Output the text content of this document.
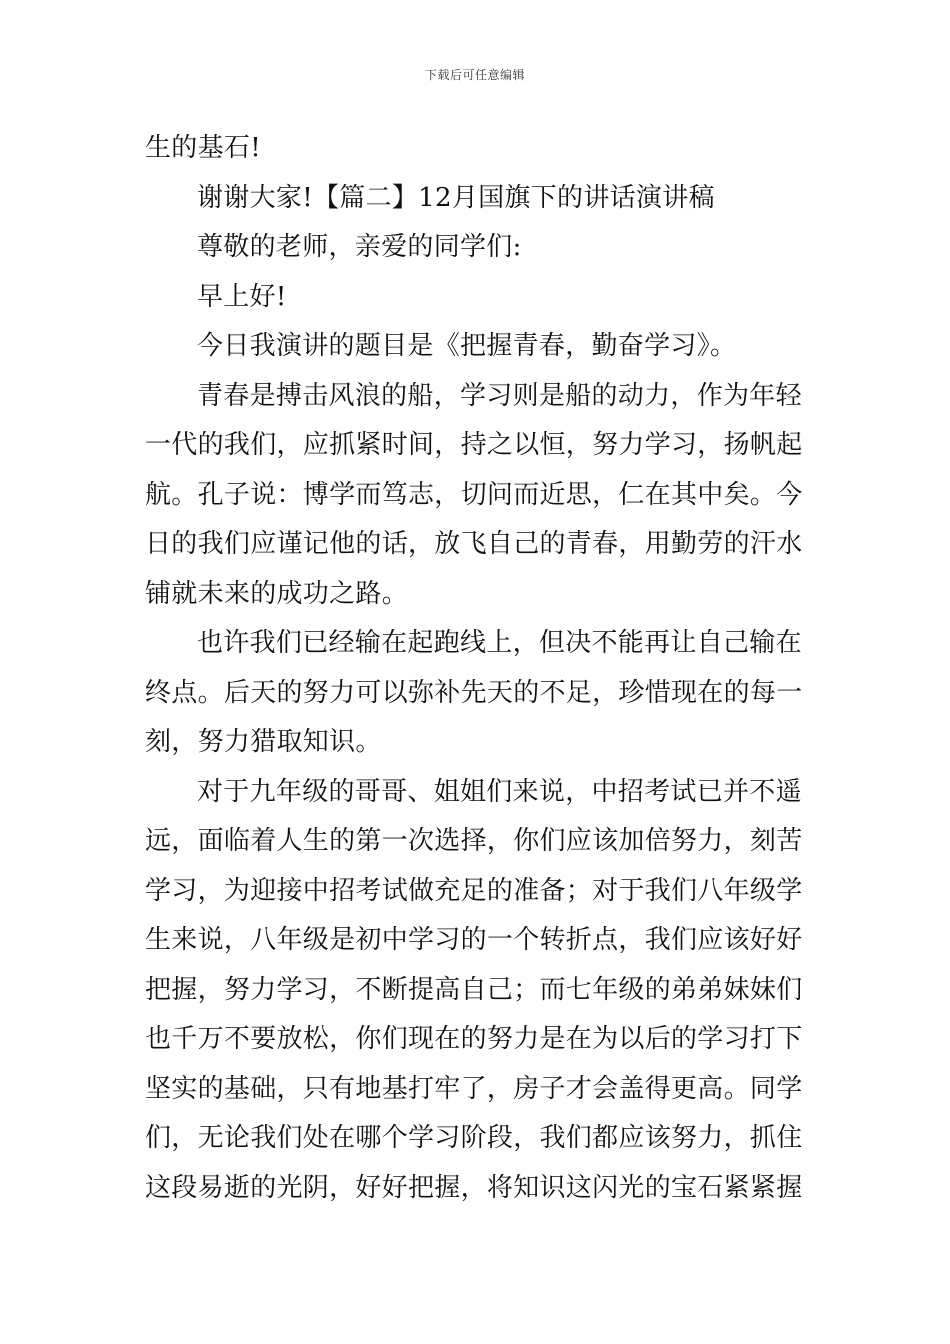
下载后可任意编辑
生的基石!
谢谢大家!【篇二】12月国旗下的讲话演讲稿
尊敬的老师，亲爱的同学们:
早上好!
今日我演讲的题目是《把握青春，勤奋学习》。
青春是搏击风浪的船，学习则是船的动力，作为年轻
一代的我们，应抓紧时间，持之以恒，努力学习，扬帆起
航。孔子说：博学而笃志，切问而近思，仁在其中矣。今
日的我们应谨记他的话，放飞自己的青春，用勤劳的汗水
铺就未来的成功之路。
也许我们已经输在起跑线上，但决不能再让自己输在
终点。后天的努力可以弥补先天的不足，珍惜现在的每一
刻，努力猎取知识。
对于九年级的哥哥、姐姐们来说，中招考试已并不遥
远，面临着人生的第一次选择，你们应该加倍努力，刻苦
学习，为迎接中招考试做充足的准备；对于我们八年级学
生来说，八年级是初中学习的一个转折点，我们应该好好
把握，努力学习，不断提高自己；而七年级的弟弟妹妹们
也千万不要放松，你们现在的努力是在为以后的学习打下
坚实的基础，只有地基打牢了，房子才会盖得更高。同学
们，无论我们处在哪个学习阶段，我们都应该努力，抓住
这段易逝的光阴，好好把握，将知识这闪光的宝石紧紧握
